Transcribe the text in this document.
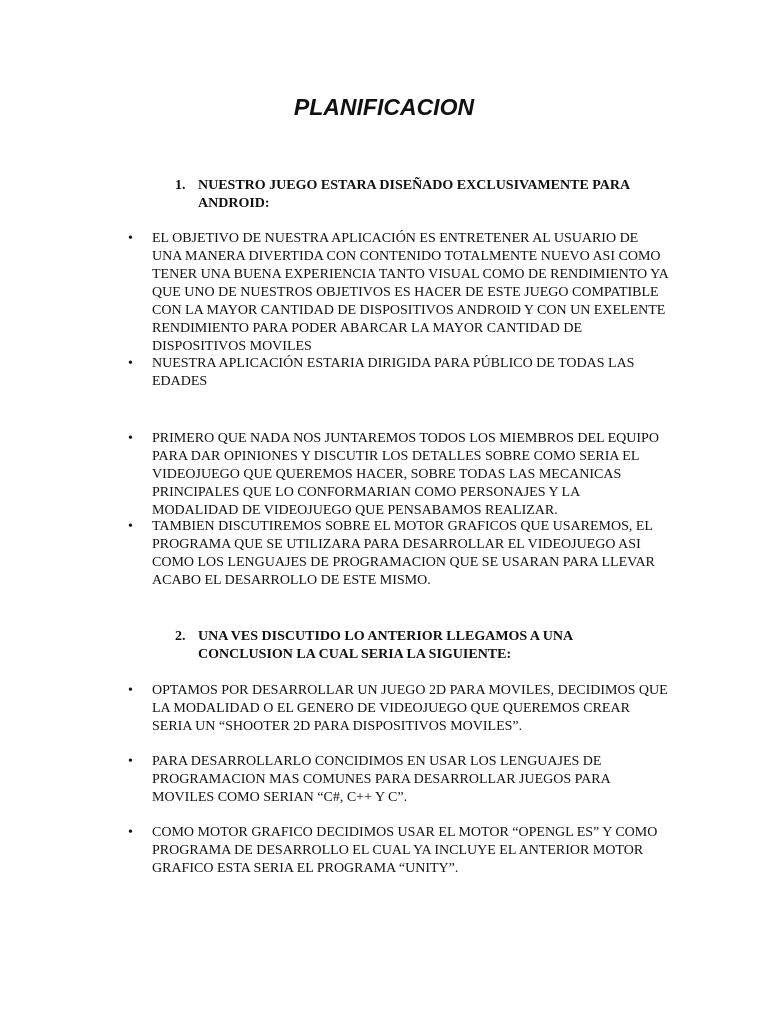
PLANIFICACION
1. NUESTRO JUEGO ESTARA DISEÑADO EXCLUSIVAMENTE PARA ANDROID:
•	EL OBJETIVO DE NUESTRA APLICACIÓN ES ENTRETENER AL USUARIO DE UNA MANERA DIVERTIDA CON CONTENIDO TOTALMENTE NUEVO ASI COMO TENER UNA BUENA EXPERIENCIA TANTO VISUAL COMO DE RENDIMIENTO YA QUE UNO DE NUESTROS OBJETIVOS ES HACER DE ESTE JUEGO COMPATIBLE CON LA MAYOR CANTIDAD DE DISPOSITIVOS ANDROID Y CON UN EXELENTE RENDIMIENTO PARA PODER ABARCAR LA MAYOR CANTIDAD DE DISPOSITIVOS MOVILES
•	NUESTRA APLICACIÓN ESTARIA DIRIGIDA PARA PÚBLICO DE TODAS LAS EDADES
•	PRIMERO QUE NADA NOS JUNTAREMOS TODOS LOS MIEMBROS DEL EQUIPO PARA DAR OPINIONES Y DISCUTIR LOS DETALLES SOBRE COMO SERIA EL VIDEOJUEGO QUE QUEREMOS HACER, SOBRE TODAS LAS MECANICAS PRINCIPALES QUE LO CONFORMARIAN COMO PERSONAJES Y LA MODALIDAD DE VIDEOJUEGO QUE PENSABAMOS REALIZAR.
•	TAMBIEN DISCUTIREMOS SOBRE EL MOTOR GRAFICOS QUE USAREMOS, EL PROGRAMA QUE SE UTILIZARA PARA DESARROLLAR EL VIDEOJUEGO ASI COMO LOS LENGUAJES DE PROGRAMACION QUE SE USARAN PARA LLEVAR ACABO EL DESARROLLO DE ESTE MISMO.
2. UNA VES DISCUTIDO LO ANTERIOR LLEGAMOS A UNA CONCLUSION LA CUAL SERIA LA SIGUIENTE:
•	OPTAMOS POR DESARROLLAR UN JUEGO 2D PARA MOVILES, DECIDIMOS QUE LA MODALIDAD O EL GENERO DE VIDEOJUEGO QUE QUEREMOS CREAR SERIA UN “SHOOTER 2D PARA DISPOSITIVOS MOVILES”.
•	PARA DESARROLLARLO CONCIDIMOS EN USAR LOS LENGUAJES DE PROGRAMACION MAS COMUNES PARA DESARROLLAR JUEGOS PARA MOVILES COMO SERIAN “C#, C++ Y C”.
•	COMO MOTOR GRAFICO DECIDIMOS USAR EL MOTOR “OPENGL ES” Y COMO PROGRAMA DE DESARROLLO EL CUAL YA INCLUYE EL ANTERIOR MOTOR GRAFICO ESTA SERIA EL PROGRAMA “UNITY”.
